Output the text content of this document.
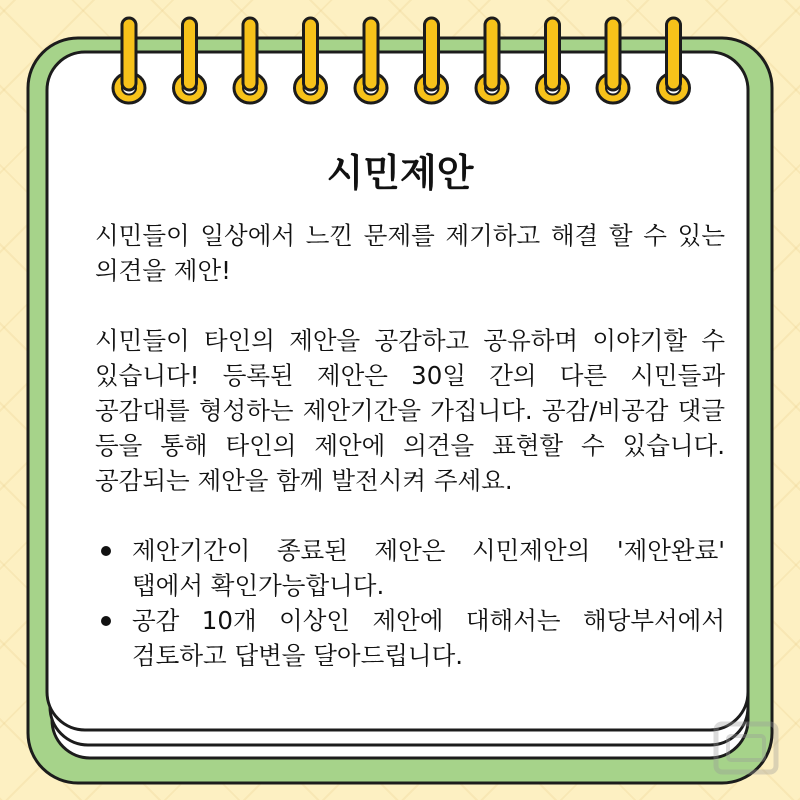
시민제안

시민들이 일상에서 느낀 문제를 제기하고 해결 할 수 있는 의견을 제안!

시민들이 타인의 제안을 공감하고 공유하며 이야기할 수 있습니다! 등록된 제안은 30일 간의 다른 시민들과 공감대를 형성하는 제안기간을 가집니다. 공감/비공감 댓글 등을 통해 타인의 제안에 의견을 표현할 수 있습니다. 공감되는 제안을 함께 발전시켜 주세요.

제안기간이 종료된 제안은 시민제안의 '제안완료' 탭에서 확인가능합니다.
공감 10개 이상인 제안에 대해서는 해당부서에서 검토하고 답변을 달아드립니다.
